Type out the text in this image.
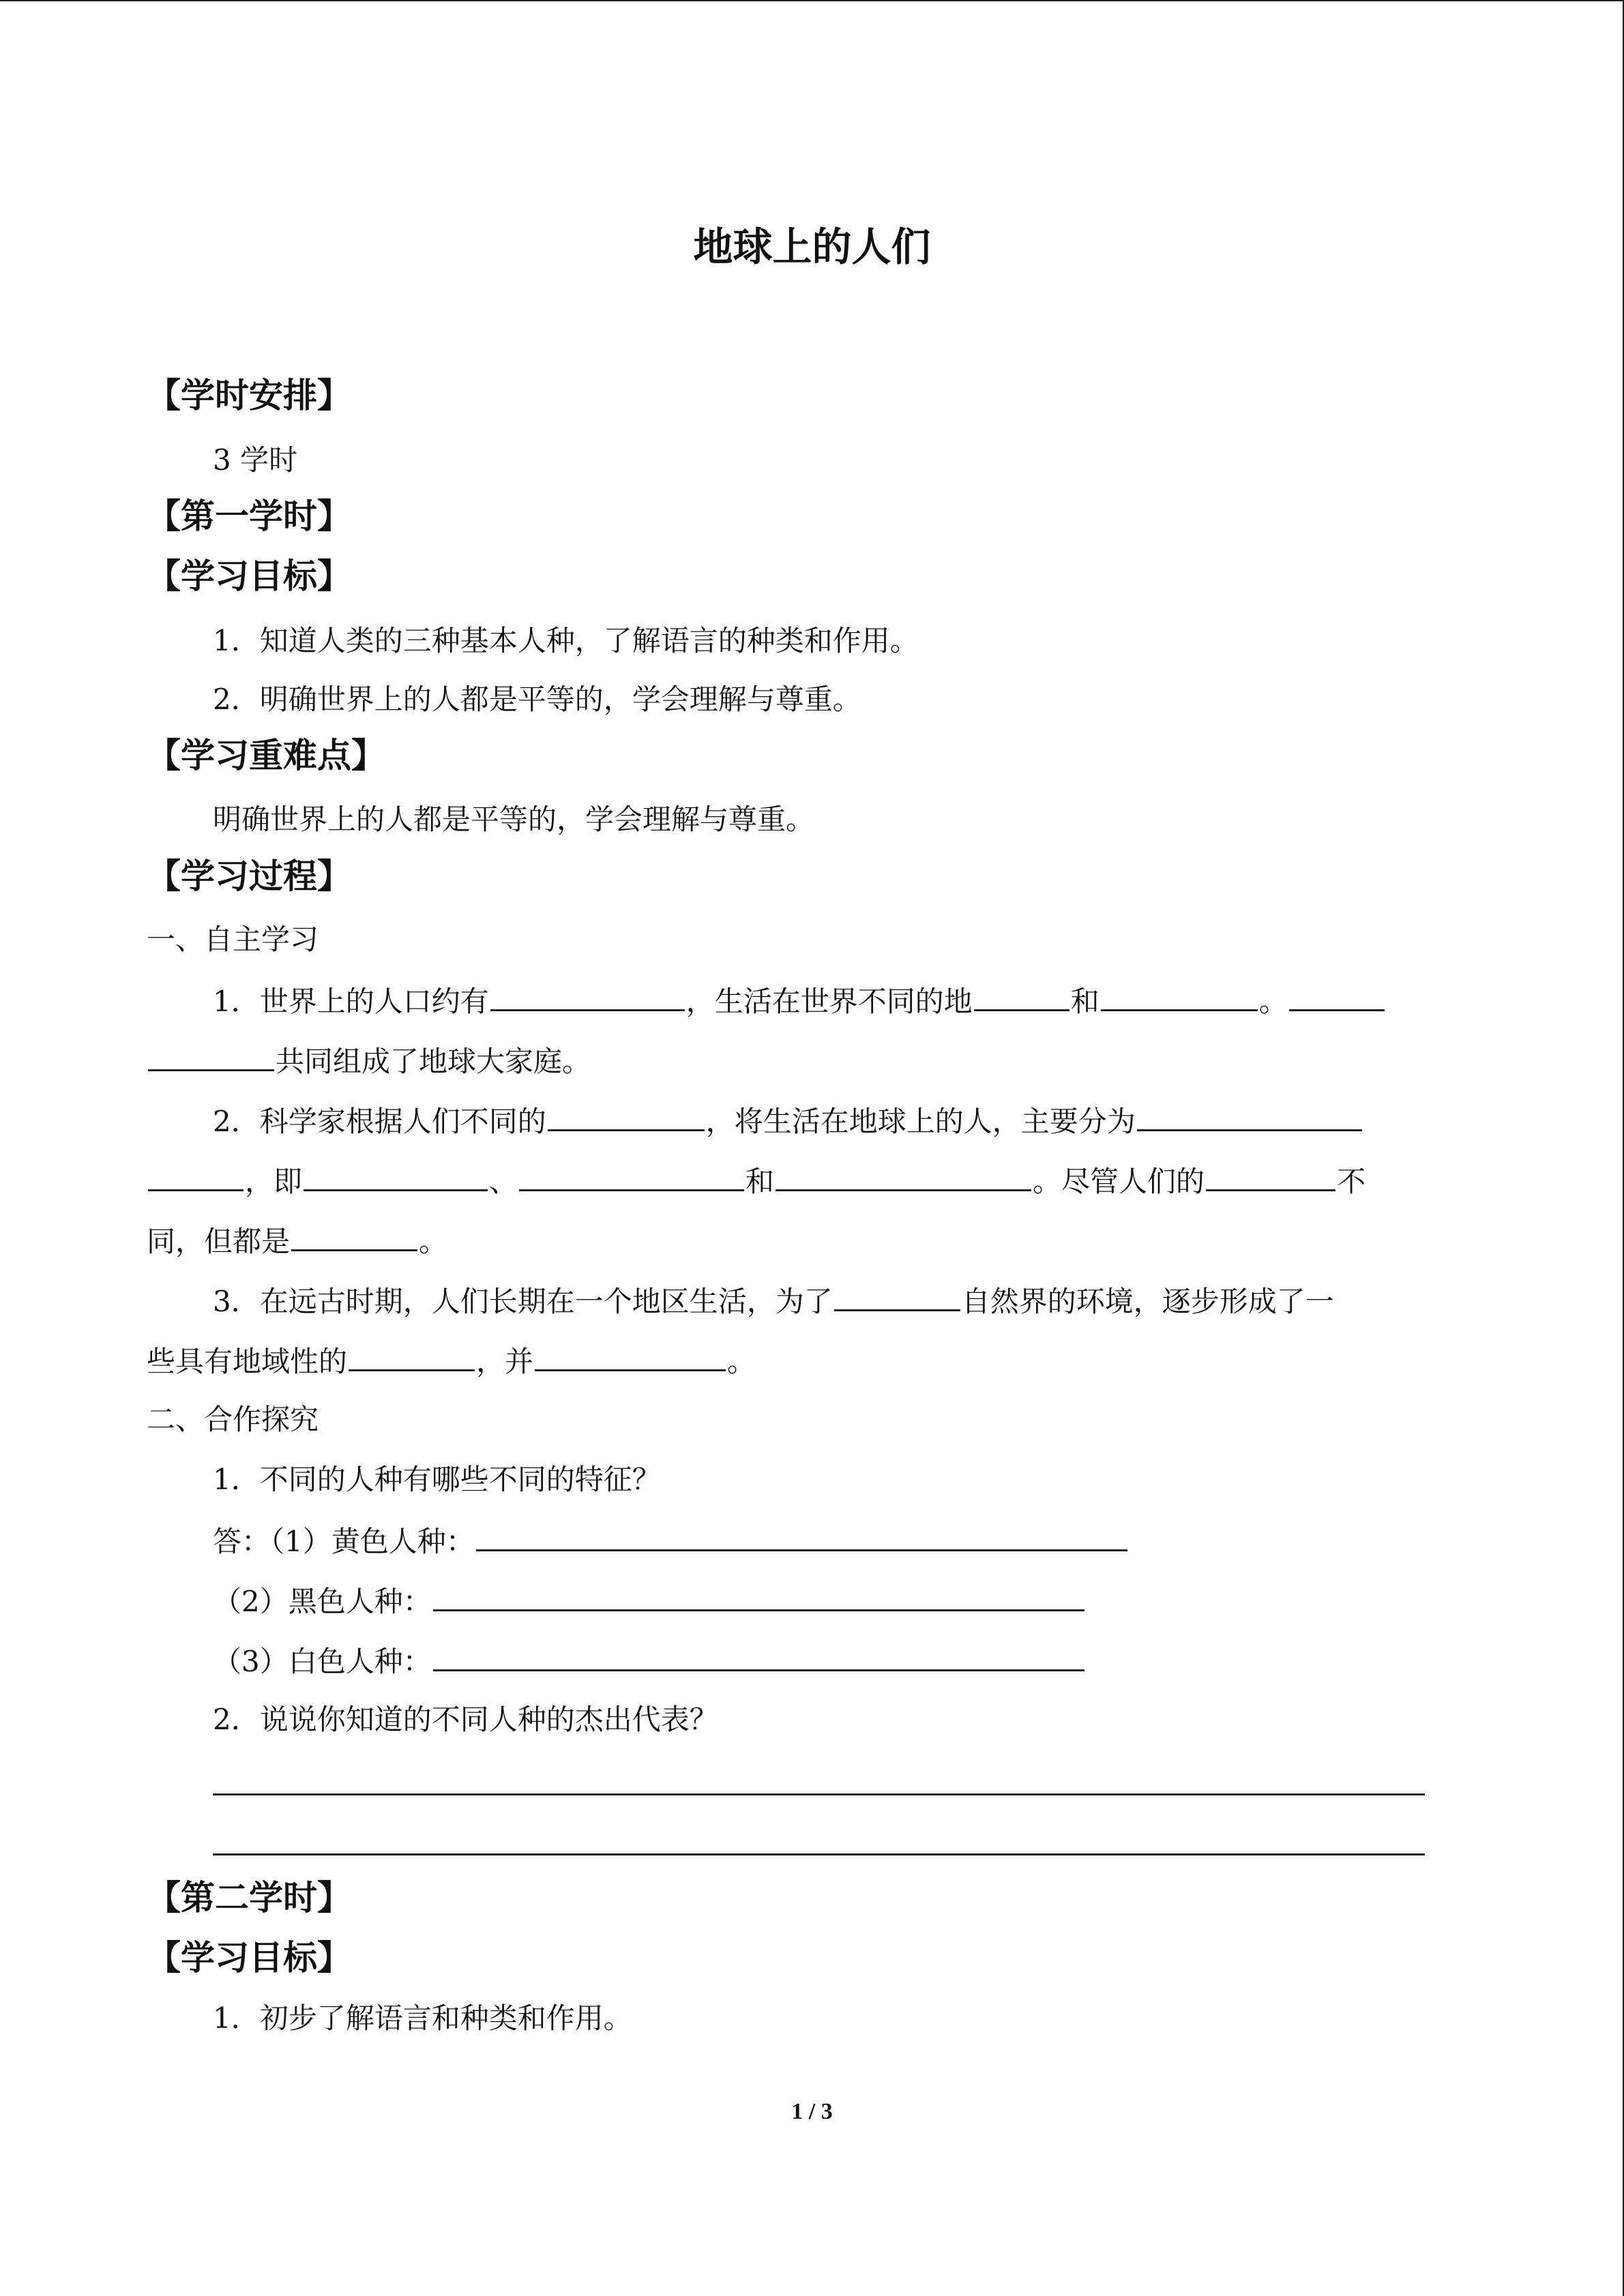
地球上的人们
【学时安排】
3 学时
【第一学时】
【学习目标】
1．知道人类的三种基本人种，了解语言的种类和作用。
2．明确世界上的人都是平等的，学会理解与尊重。
【学习重难点】
明确世界上的人都是平等的，学会理解与尊重。
【学习过程】
一、自主学习
1．世界上的人口约有	，生活在世界不同的地	和	。
共同组成了地球大家庭。
2．科学家根据人们不同的	，将生活在地球上的人，主要分为
，即	、	和	。尽管人们的	不
同，但都是	。
3．在远古时期，人们长期在一个地区生活，为了	自然界的环境，逐步形成了一
些具有地域性的	，并	。
二、合作探究
1．不同的人种有哪些不同的特征？
答：（1）黄色人种：
（2）黑色人种：
（3）白色人种：
2．说说你知道的不同人种的杰出代表？
【第二学时】
【学习目标】
1．初步了解语言和种类和作用。
1 / 3
